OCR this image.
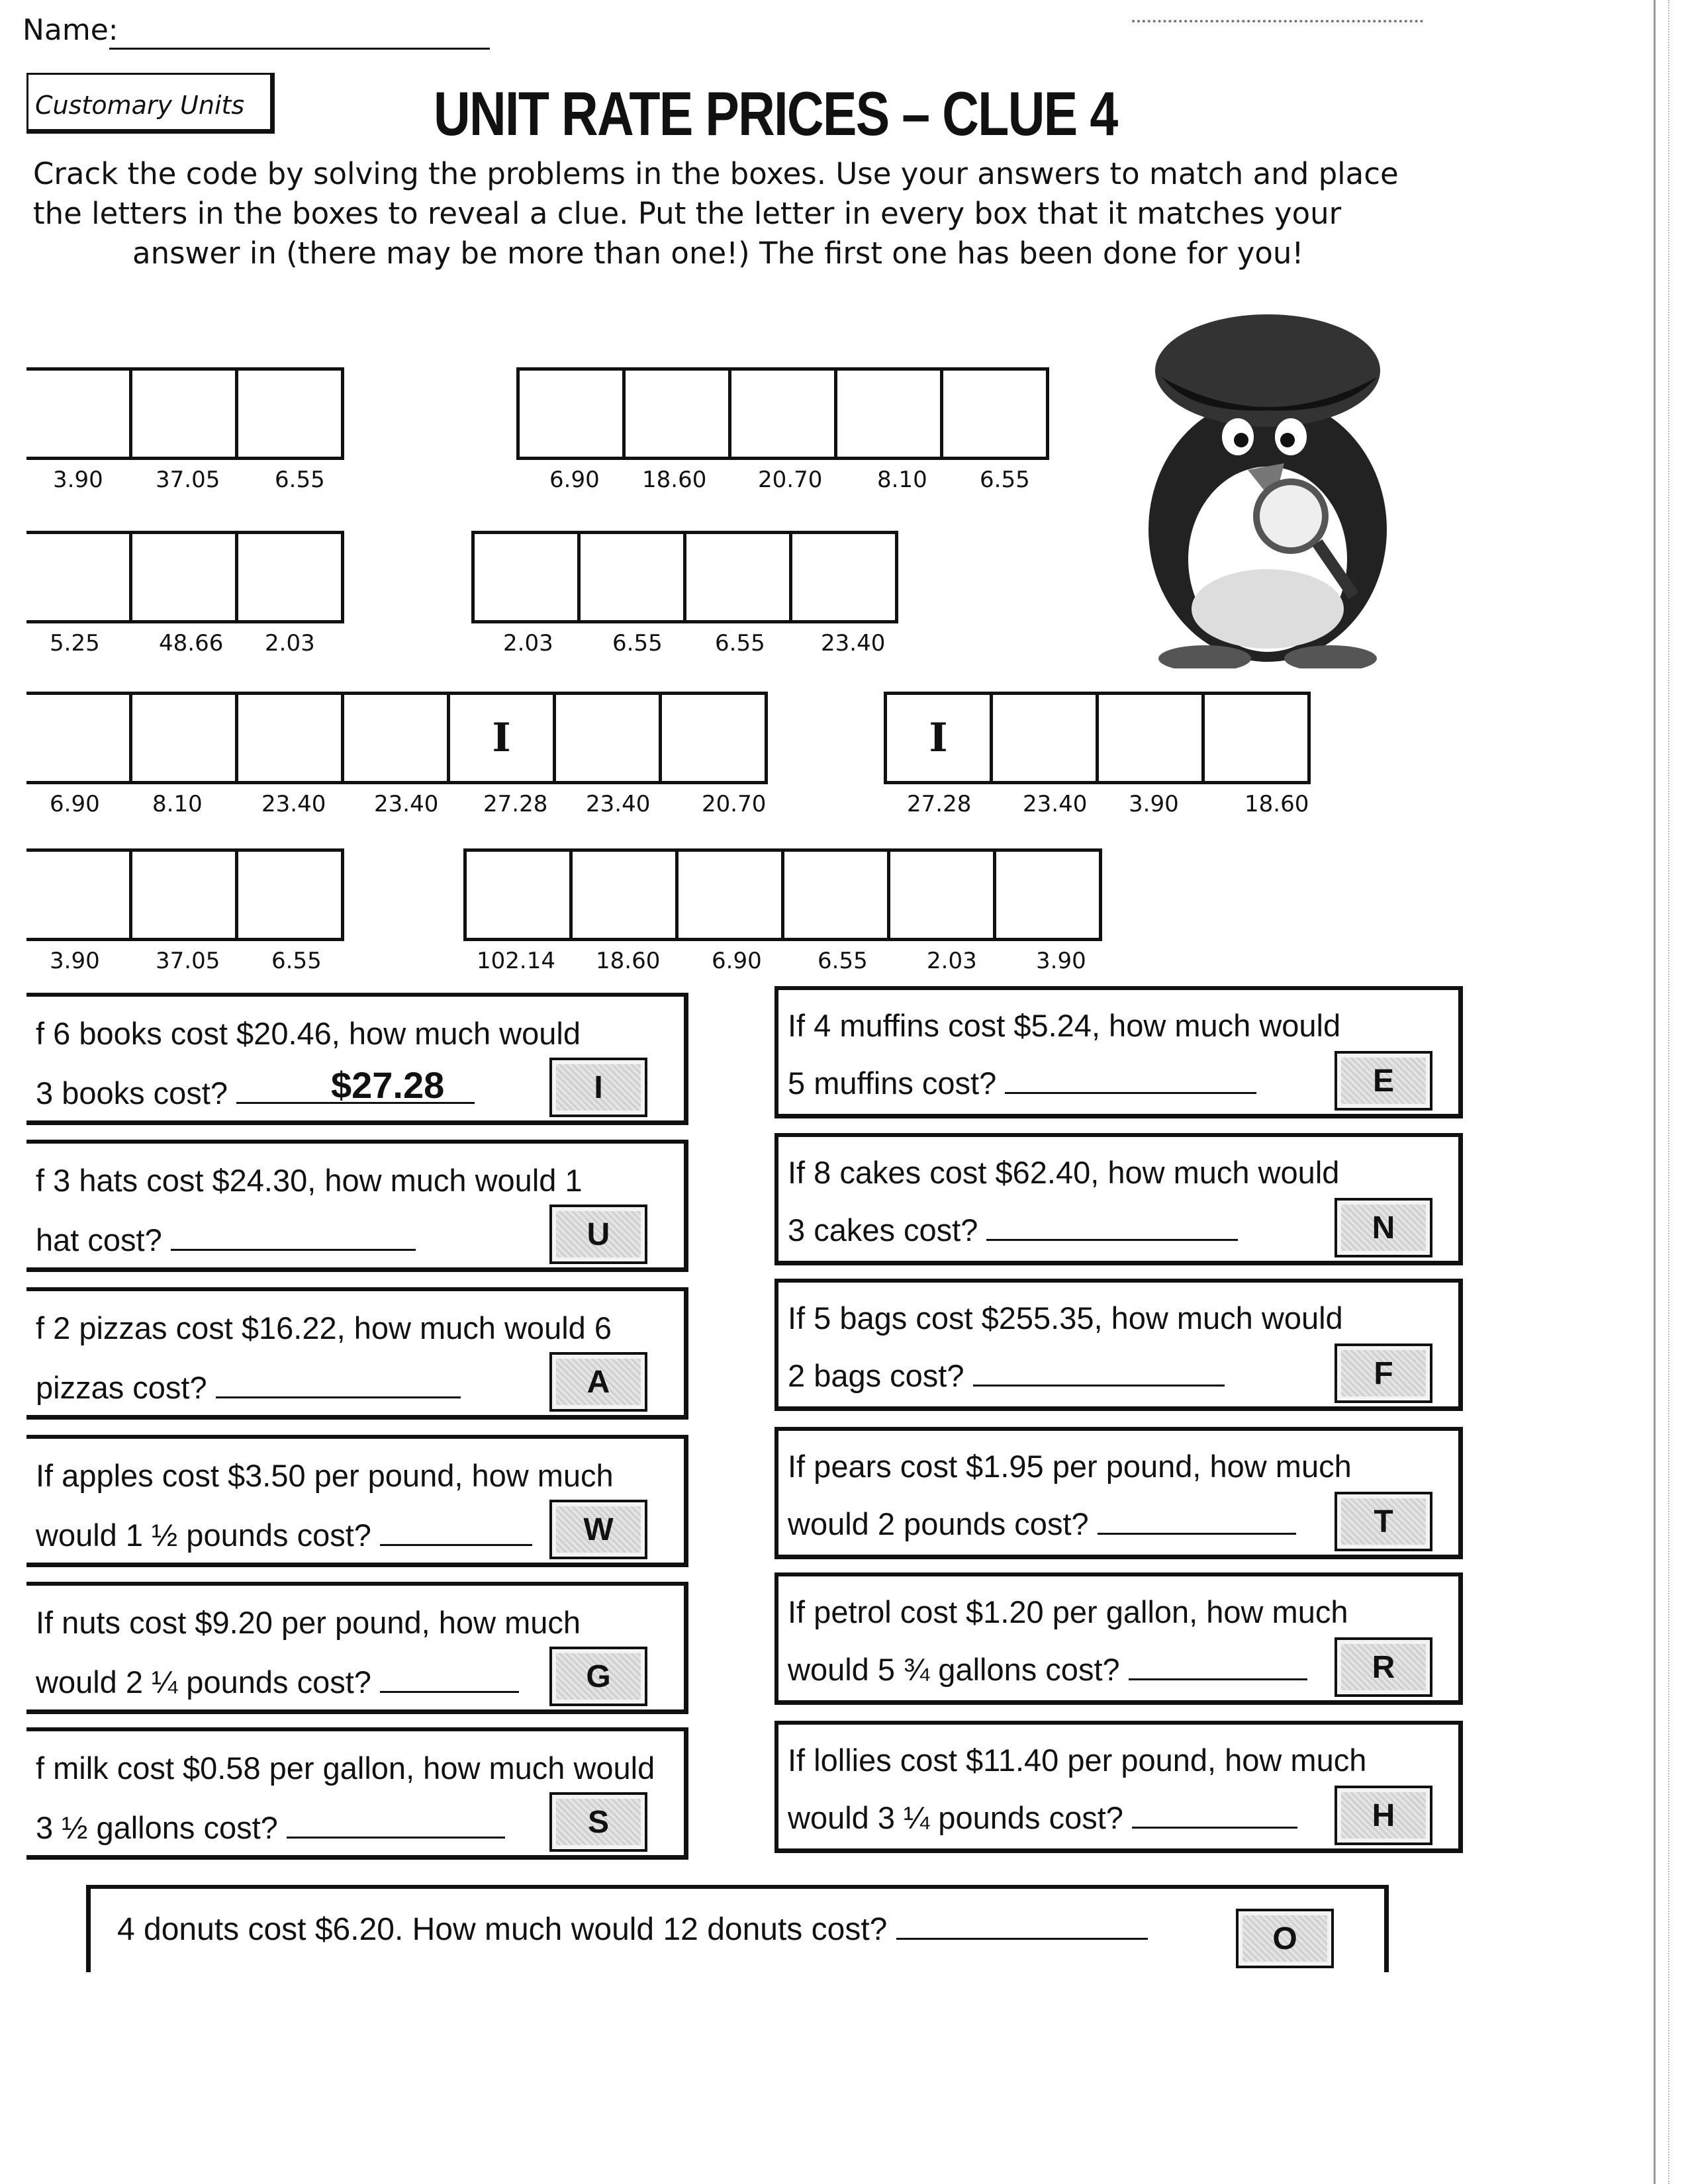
Name:
Customary Units	UNIT RATE PRICES – CLUE 4
Crack the code by solving the problems in the boxes. Use your answers to match and place
the letters in the boxes to reveal a clue. Put the letter in every box that it matches your
answer in (there may be more than one!) The first one has been done for you!
3.90 37.05 6.55	6.90 18.60 20.70 8.10 6.55
5.25	48.66 2.03	2.03	6.55 6.55 23.40
I
6.90 8.10	23.40 23.40 27.28 23.40 20.70
I
27.28 23.40 3.90	18.60
3.90 37.05 6.55	102.14 18.60 6.90 6.55	2.03	3.90
f 6 books cost $20.46, how much would
3 books cost?	I
$27.28
f 3 hats cost $24.30, how much would 1
hat cost?	U
f 2 pizzas cost $16.22, how much would 6
pizzas cost?	A
If apples cost $3.50 per pound, how much
would 1 ½ pounds cost?	W
If nuts cost $9.20 per pound, how much
would 2 ¼ pounds cost?	G
f milk cost $0.58 per gallon, how much would
3 ½ gallons cost?	S
If 4 muffins cost $5.24, how much would
5 muffins cost?	E
If 8 cakes cost $62.40, how much would
3 cakes cost?	N
If 5 bags cost $255.35, how much would
2 bags cost?	F
If pears cost $1.95 per pound, how much
would 2 pounds cost?	T
If petrol cost $1.20 per gallon, how much
would 5 ¾ gallons cost?	R
If lollies cost $11.40 per pound, how much
would 3 ¼ pounds cost?	H
4 donuts cost $6.20. How much would 12 donuts cost?	O
